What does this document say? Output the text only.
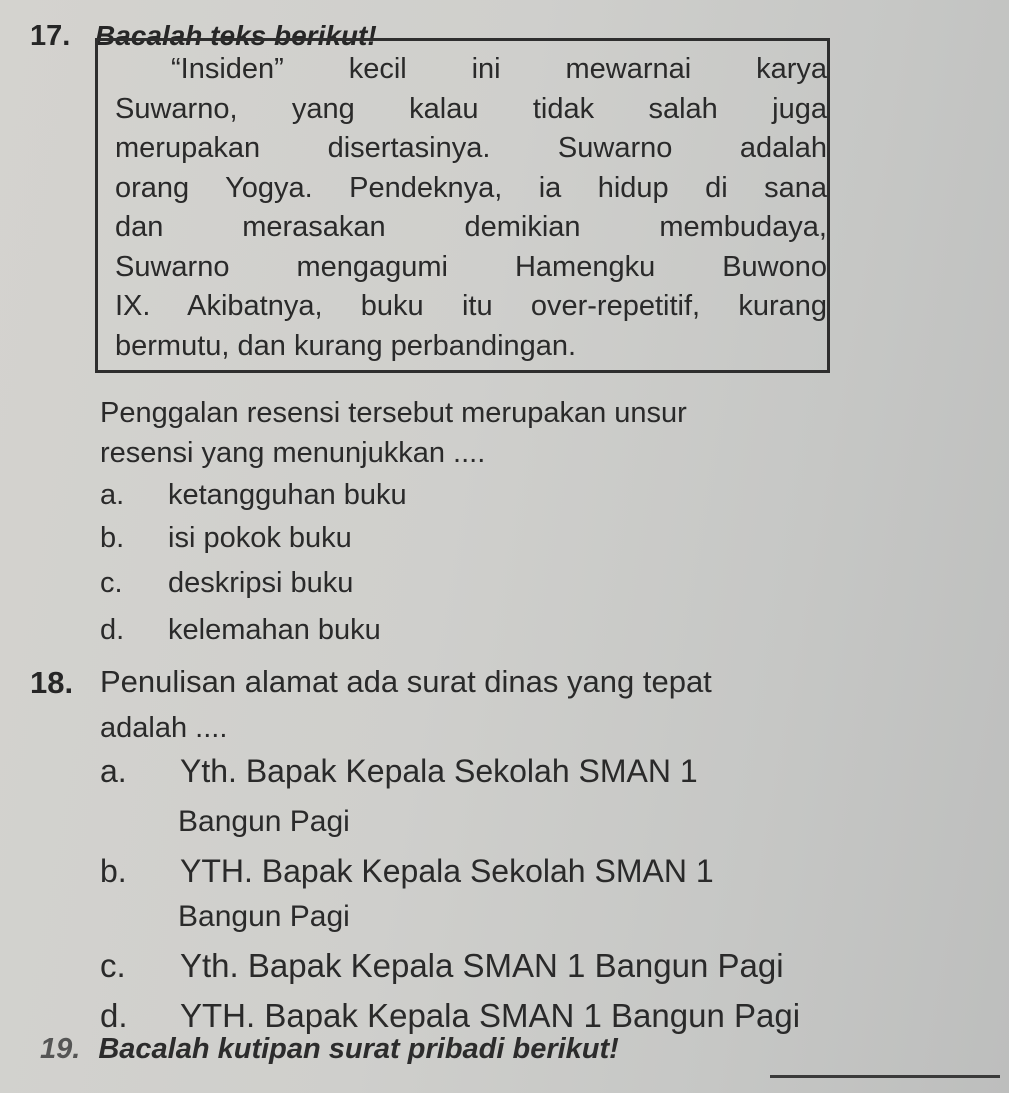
17. Bacalah teks berikut!
“Insiden” kecil ini mewarnai karya
Suwarno, yang kalau tidak salah juga
merupakan disertasinya. Suwarno adalah
orang Yogya. Pendeknya, ia hidup di sana
dan merasakan demikian membudaya,
Suwarno mengagumi Hamengku Buwono
IX. Akibatnya, buku itu over-repetitif, kurang
bermutu, dan kurang perbandingan.
Penggalan resensi tersebut merupakan unsur
resensi yang menunjukkan ....
a. ketangguhan buku
b. isi pokok buku
c. deskripsi buku
d. kelemahan buku
18. Penulisan alamat ada surat dinas yang tepat
adalah ....
a. Yth. Bapak Kepala Sekolah SMAN 1
Bangun Pagi
b. YTH. Bapak Kepala Sekolah SMAN 1
Bangun Pagi
c. Yth. Bapak Kepala SMAN 1 Bangun Pagi
d. YTH. Bapak Kepala SMAN 1 Bangun Pagi
19. Bacalah kutipan surat pribadi berikut!
